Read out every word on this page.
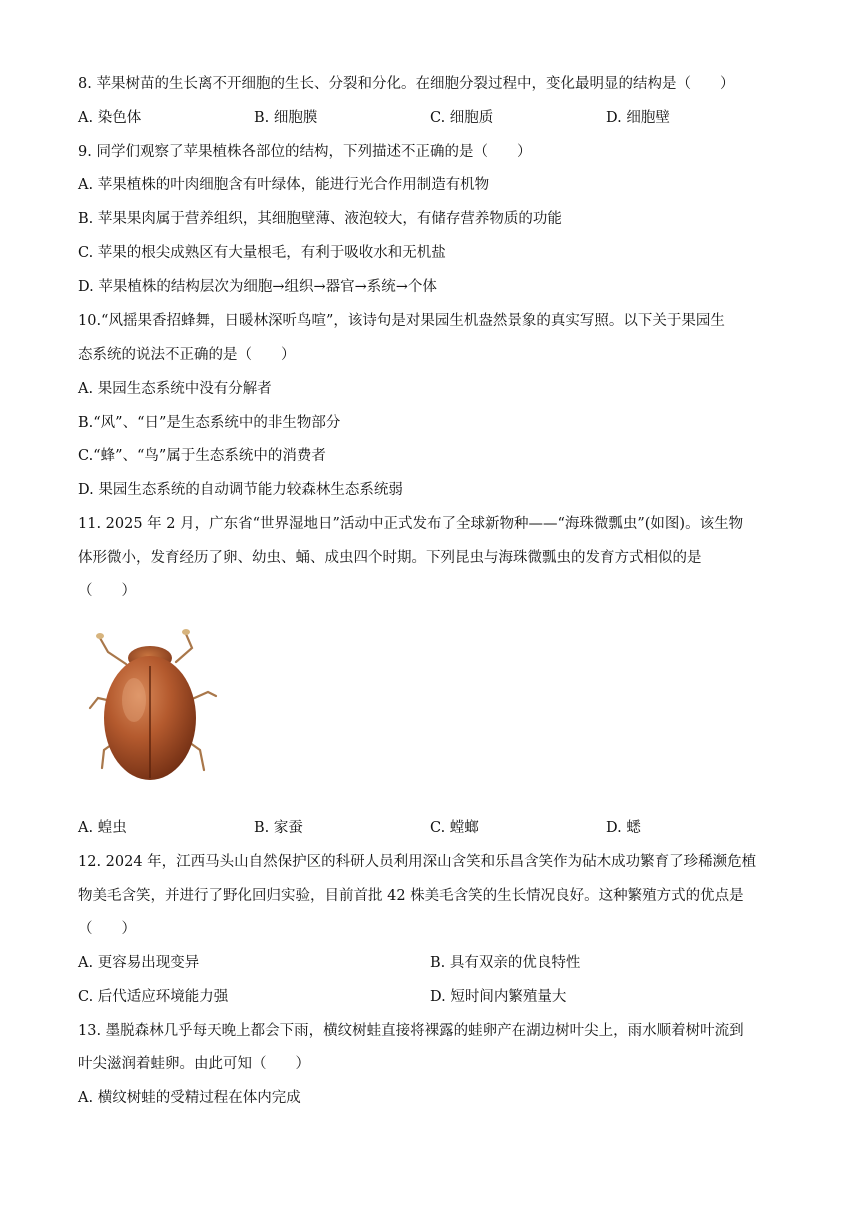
8. 苹果树苗的生长离不开细胞的生长、分裂和分化。在细胞分裂过程中，变化最明显的结构是（　　）
A. 染色体	B. 细胞膜	C. 细胞质	D. 细胞壁
9. 同学们观察了苹果植株各部位的结构，下列描述不正确的是（　　）
A. 苹果植株的叶肉细胞含有叶绿体，能进行光合作用制造有机物
B. 苹果果肉属于营养组织，其细胞壁薄、液泡较大，有储存营养物质的功能
C. 苹果的根尖成熟区有大量根毛，有利于吸收水和无机盐
D. 苹果植株的结构层次为细胞→组织→器官→系统→个体
10.“风摇果香招蜂舞，日暖林深听鸟喧”，该诗句是对果园生机盎然景象的真实写照。以下关于果园生
态系统的说法不正确的是（　　）
A. 果园生态系统中没有分解者
B.“风”、“日”是生态系统中的非生物部分
C.“蜂”、“鸟”属于生态系统中的消费者
D. 果园生态系统的自动调节能力较森林生态系统弱
11. 2025 年 2 月，广东省“世界湿地日”活动中正式发布了全球新物种——“海珠微瓢虫”(如图)。该生物
体形微小，发育经历了卵、幼虫、蛹、成虫四个时期。下列昆虫与海珠微瓢虫的发育方式相似的是
（　　）
A. 蝗虫	B. 家蚕	C. 螳螂	D. 蟋
12. 2024 年，江西马头山自然保护区的科研人员利用深山含笑和乐昌含笑作为砧木成功繁育了珍稀濒危植
物美毛含笑，并进行了野化回归实验，目前首批 42 株美毛含笑的生长情况良好。这种繁殖方式的优点是
（　　）
A. 更容易出现变异	B. 具有双亲的优良特性
C. 后代适应环境能力强	D. 短时间内繁殖量大
13. 墨脱森林几乎每天晚上都会下雨，横纹树蛙直接将裸露的蛙卵产在湖边树叶尖上，雨水顺着树叶流到
叶尖滋润着蛙卵。由此可知（　　）
A. 横纹树蛙的受精过程在体内完成
